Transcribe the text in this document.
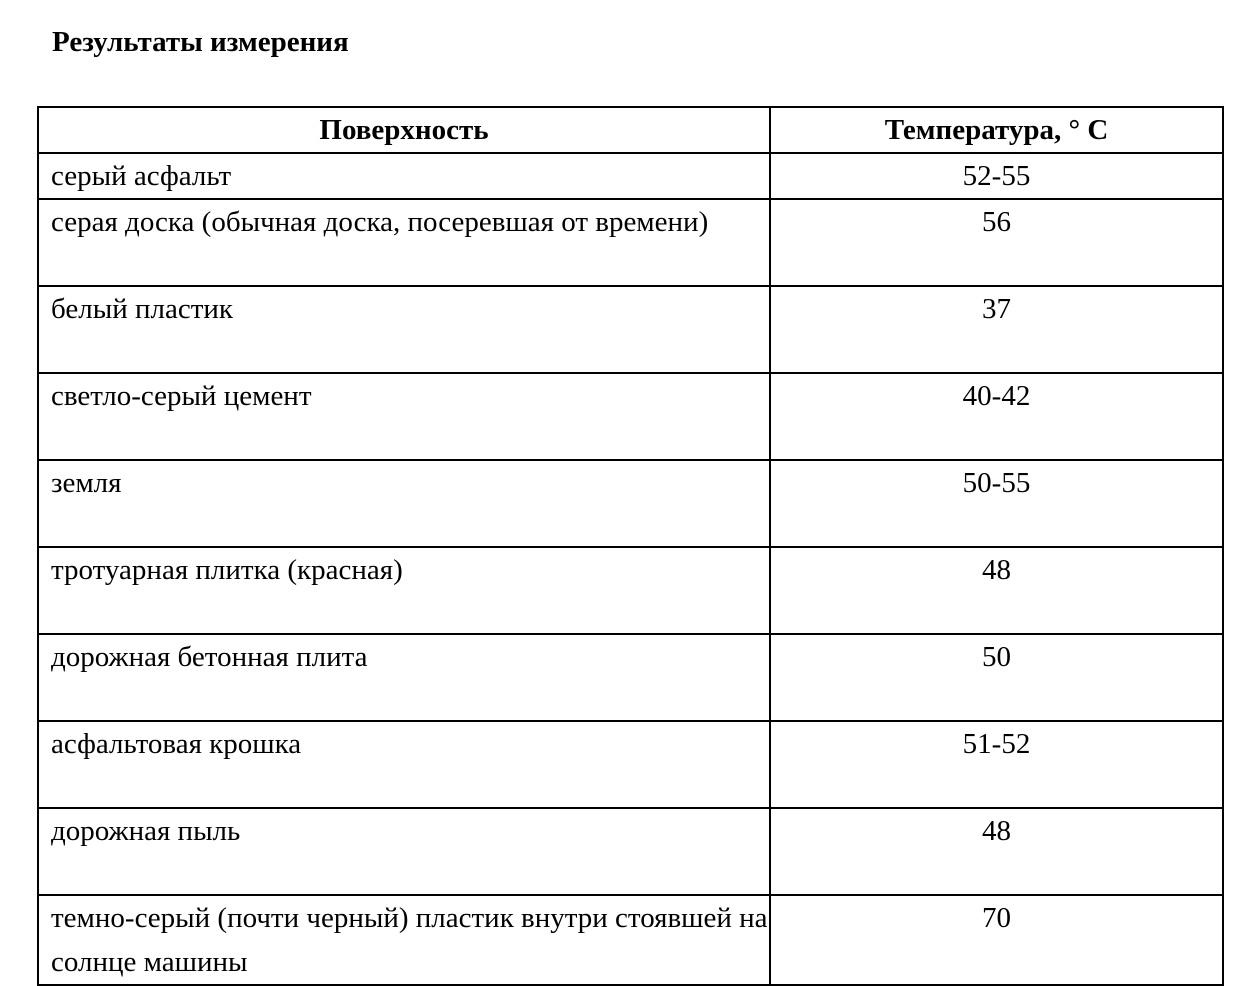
Результаты измерения
Поверхность	Температура, ° С
серый асфальт	52-55
серая доска (обычная доска, посеревшая от времени)	56
белый пластик	37
светло-серый цемент	40-42
земля	50-55
тротуарная плитка (красная)	48
дорожная бетонная плита	50
асфальтовая крошка	51-52
дорожная пыль	48
темно-серый (почти черный) пластик внутри стоявшей на солнце машины	70
